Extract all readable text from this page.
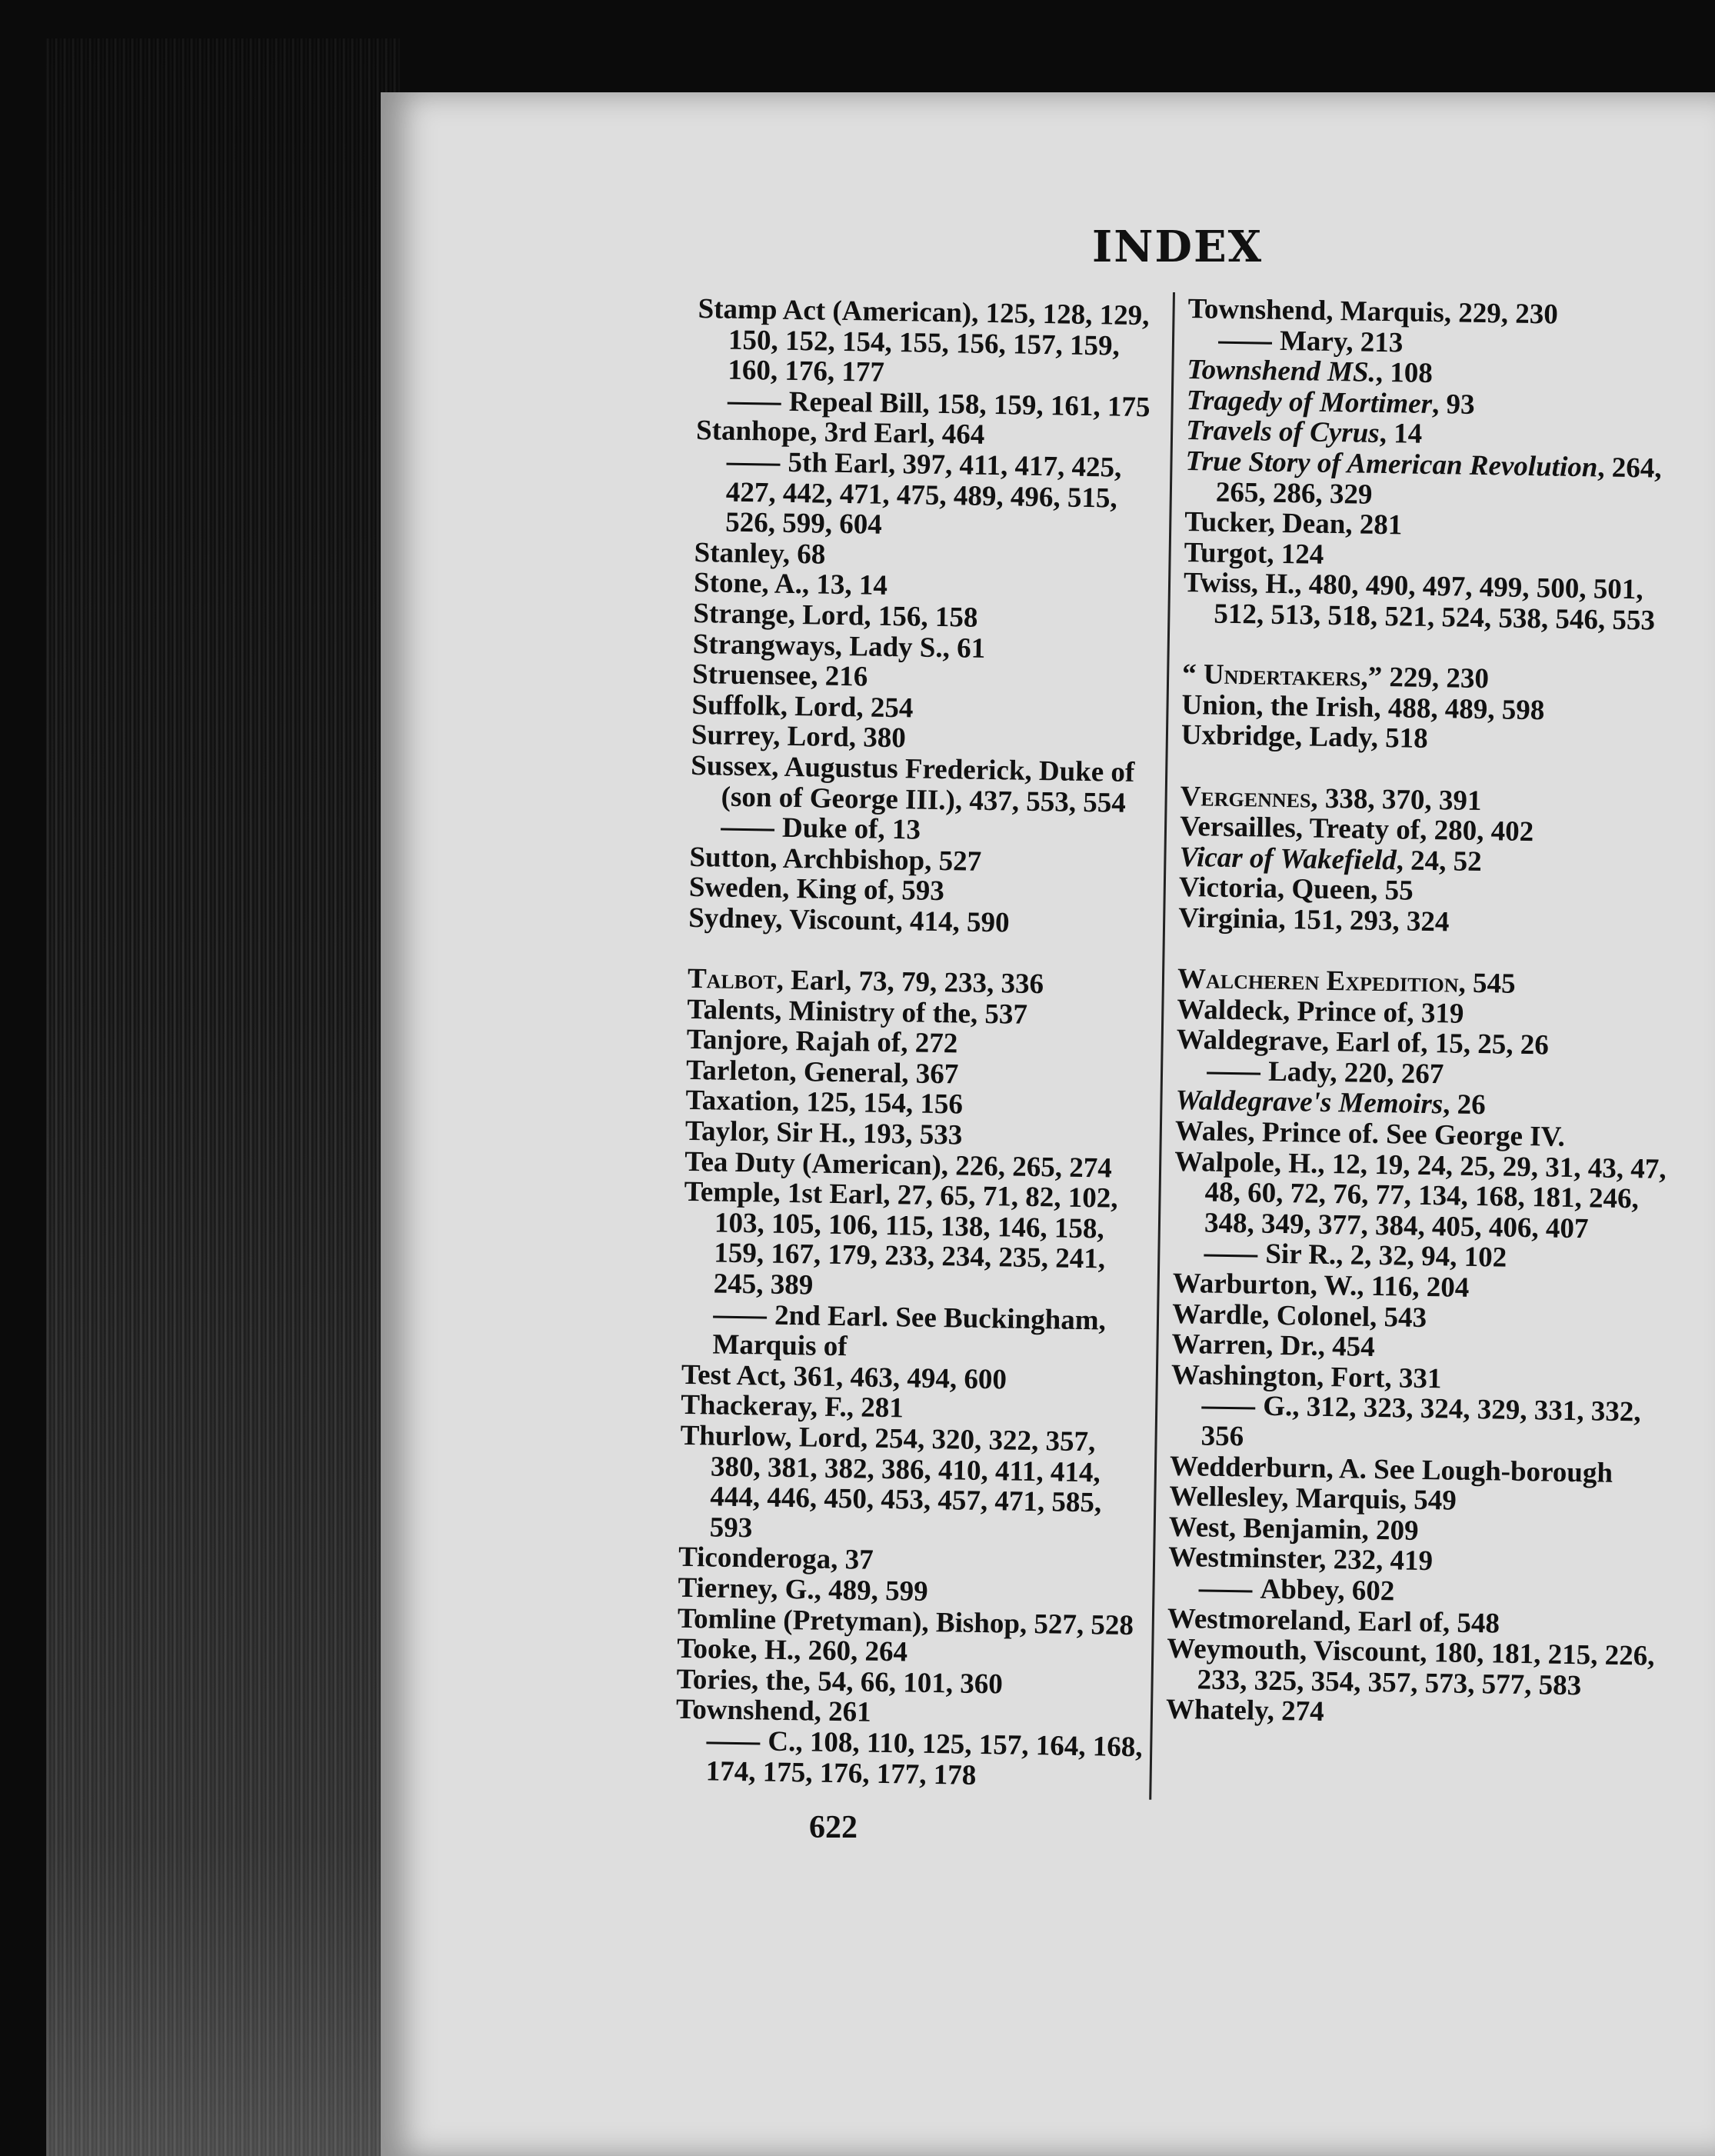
INDEX

Stamp Act (American), 125, 128, 129, 150, 152, 154, 155, 156, 157, 159, 160, 176, 177

Repeal Bill, 158, 159, 161, 175

Stanhope, 3rd Earl, 464

5th Earl, 397, 411, 417, 425, 427, 442, 471, 475, 489, 496, 515, 526, 599, 604

Stanley, 68

Stone, A., 13, 14

Strange, Lord, 156, 158

Strangways, Lady S., 61

Struensee, 216

Suffolk, Lord, 254

Surrey, Lord, 380

Sussex, Augustus Frederick, Duke of (son of George III.), 437, 553, 554

Duke of, 13

Sutton, Archbishop, 527

Sweden, King of, 593

Sydney, Viscount, 414, 590

Talbot, Earl, 73, 79, 233, 336

Talents, Ministry of the, 537

Tanjore, Rajah of, 272

Tarleton, General, 367

Taxation, 125, 154, 156

Taylor, Sir H., 193, 533

Tea Duty (American), 226, 265, 274

Temple, 1st Earl, 27, 65, 71, 82, 102, 103, 105, 106, 115, 138, 146, 158, 159, 167, 179, 233, 234, 235, 241, 245, 389

2nd Earl. See Buckingham, Marquis of

Test Act, 361, 463, 494, 600

Thackeray, F., 281

Thurlow, Lord, 254, 320, 322, 357, 380, 381, 382, 386, 410, 411, 414, 444, 446, 450, 453, 457, 471, 585, 593

Ticonderoga, 37

Tierney, G., 489, 599

Tomline (Pretyman), Bishop, 527, 528

Tooke, H., 260, 264

Tories, the, 54, 66, 101, 360

Townshend, 261

C., 108, 110, 125, 157, 164, 168, 174, 175, 176, 177, 178

Townshend, Marquis, 229, 230

Mary, 213

Townshend MS., 108

Tragedy of Mortimer, 93

Travels of Cyrus, 14

True Story of American Revolution, 264, 265, 286, 329

Tucker, Dean, 281

Turgot, 124

Twiss, H., 480, 490, 497, 499, 500, 501, 512, 513, 518, 521, 524, 538, 546, 553

“ Undertakers,” 229, 230

Union, the Irish, 488, 489, 598

Uxbridge, Lady, 518

Vergennes, 338, 370, 391

Versailles, Treaty of, 280, 402

Vicar of Wakefield, 24, 52

Victoria, Queen, 55

Virginia, 151, 293, 324

Walcheren Expedition, 545

Waldeck, Prince of, 319

Waldegrave, Earl of, 15, 25, 26

Lady, 220, 267

Waldegrave's Memoirs, 26

Wales, Prince of. See George IV.

Walpole, H., 12, 19, 24, 25, 29, 31, 43, 47, 48, 60, 72, 76, 77, 134, 168, 181, 246, 348, 349, 377, 384, 405, 406, 407

Sir R., 2, 32, 94, 102

Warburton, W., 116, 204

Wardle, Colonel, 543

Warren, Dr., 454

Washington, Fort, 331

G., 312, 323, 324, 329, 331, 332, 356

Wedderburn, A. See Lough-borough

Wellesley, Marquis, 549

West, Benjamin, 209

Westminster, 232, 419

Abbey, 602

Westmoreland, Earl of, 548

Weymouth, Viscount, 180, 181, 215, 226, 233, 325, 354, 357, 573, 577, 583

Whately, 274

622
